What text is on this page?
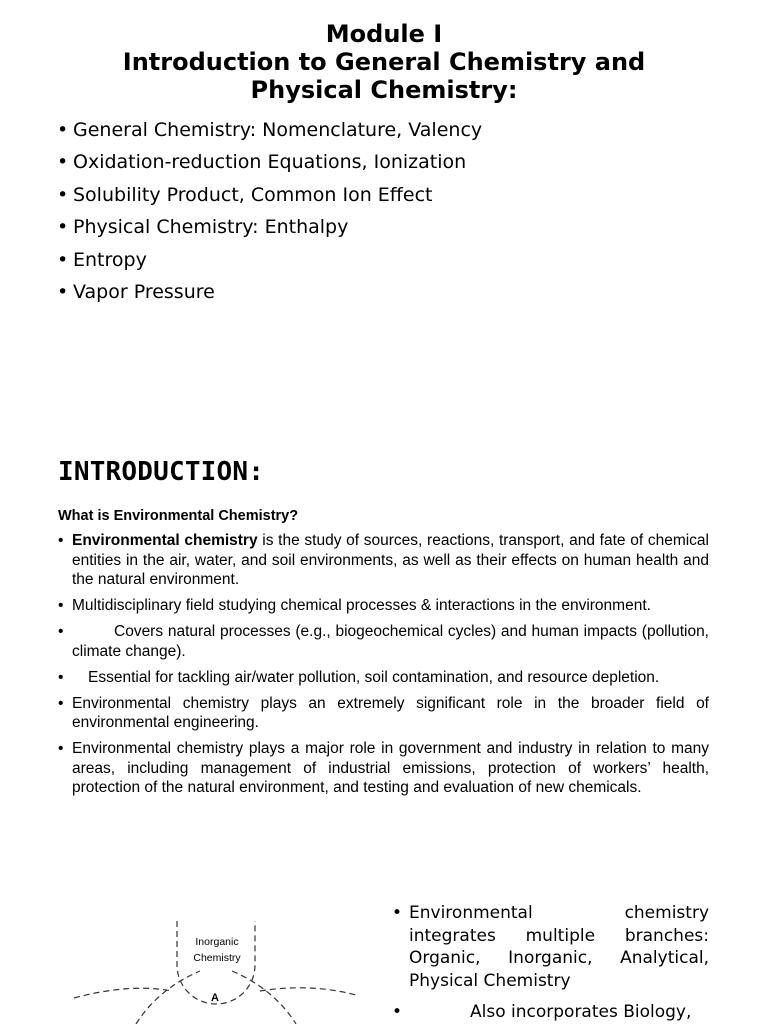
Module I
Introduction to General Chemistry and
Physical Chemistry:
• General Chemistry: Nomenclature, Valency
• Oxidation-reduction Equations, Ionization
• Solubility Product, Common Ion Effect
• Physical Chemistry: Enthalpy
• Entropy
• Vapor Pressure
INTRODUCTION:
What is Environmental Chemistry?
• Environmental chemistry is the study of sources, reactions, transport, and fate of chemical entities in the air, water, and soil environments, as well as their effects on human health and the natural environment.
• Multidisciplinary field studying chemical processes & interactions in the environment.
•	Covers natural processes (e.g., biogeochemical cycles) and human impacts (pollution, climate change).
•	Essential for tackling air/water pollution, soil contamination, and resource depletion.
• Environmental chemistry plays an extremely significant role in the broader field of environmental engineering.
• Environmental chemistry plays a major role in government and industry in relation to many areas, including management of industrial emissions, protection of workers’ health, protection of the natural environment, and testing and evaluation of new chemicals.
Inorganic
Chemistry
A
• Environmental chemistry integrates multiple branches: Organic, Inorganic, Analytical, Physical Chemistry
•	Also incorporates Biology,
